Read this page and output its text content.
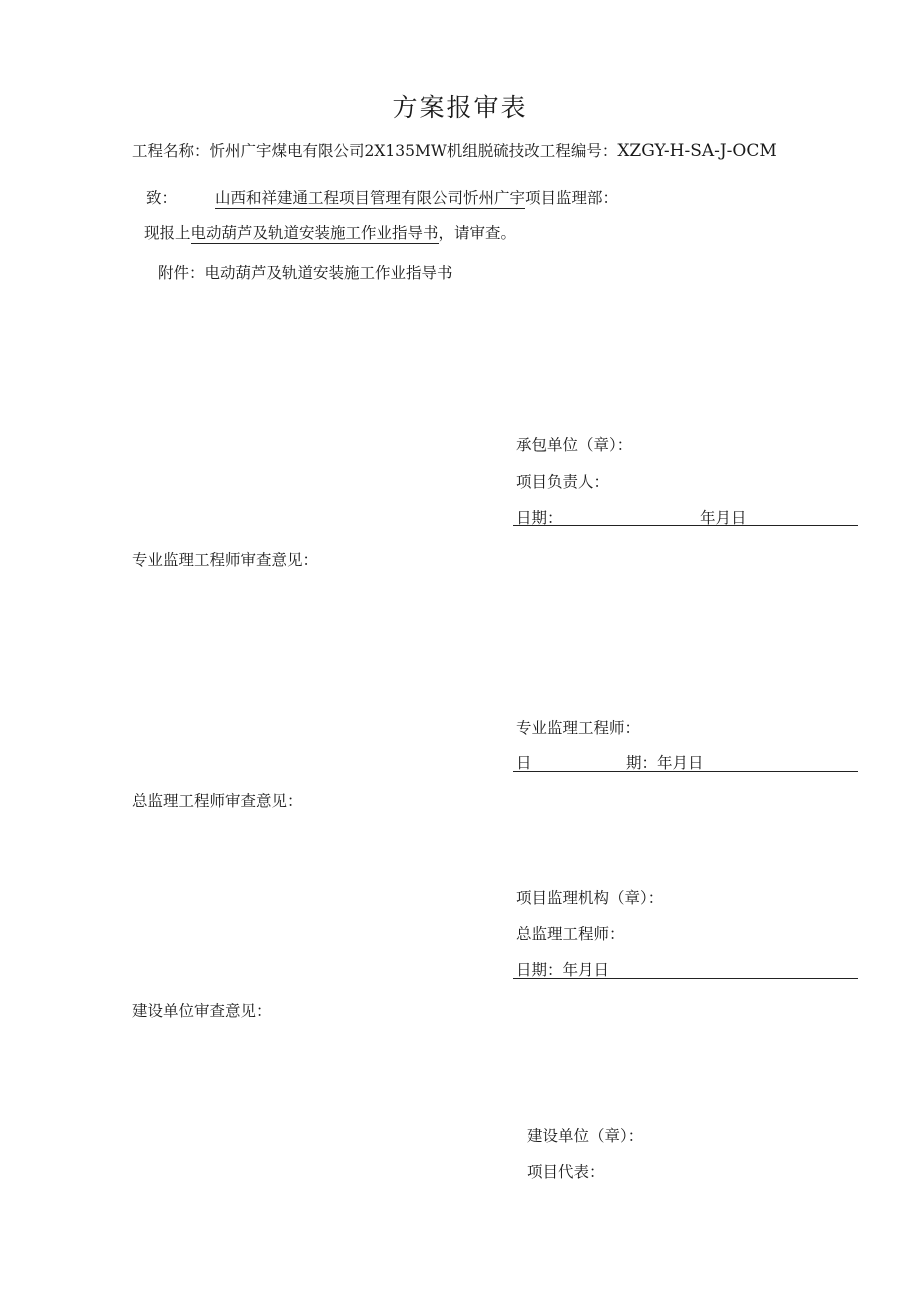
方案报审表
工程名称：忻州广宇煤电有限公司2X135MW机组脱硫技改工程编号：XZGY-H-SA-J-OCM
致： 山西和祥建通工程项目管理有限公司忻州广宇项目监理部：
现报上电动葫芦及轨道安装施工作业指导书，请审查。
附件：电动葫芦及轨道安装施工作业指导书
承包单位（章）：
项目负责人：
日期：	年月日
专业监理工程师审查意见：
专业监理工程师：
日	期：年月日
总监理工程师审查意见：
项目监理机构（章）：
总监理工程师：
日期：年月日
建设单位审查意见：
建设单位（章）：
项目代表：
